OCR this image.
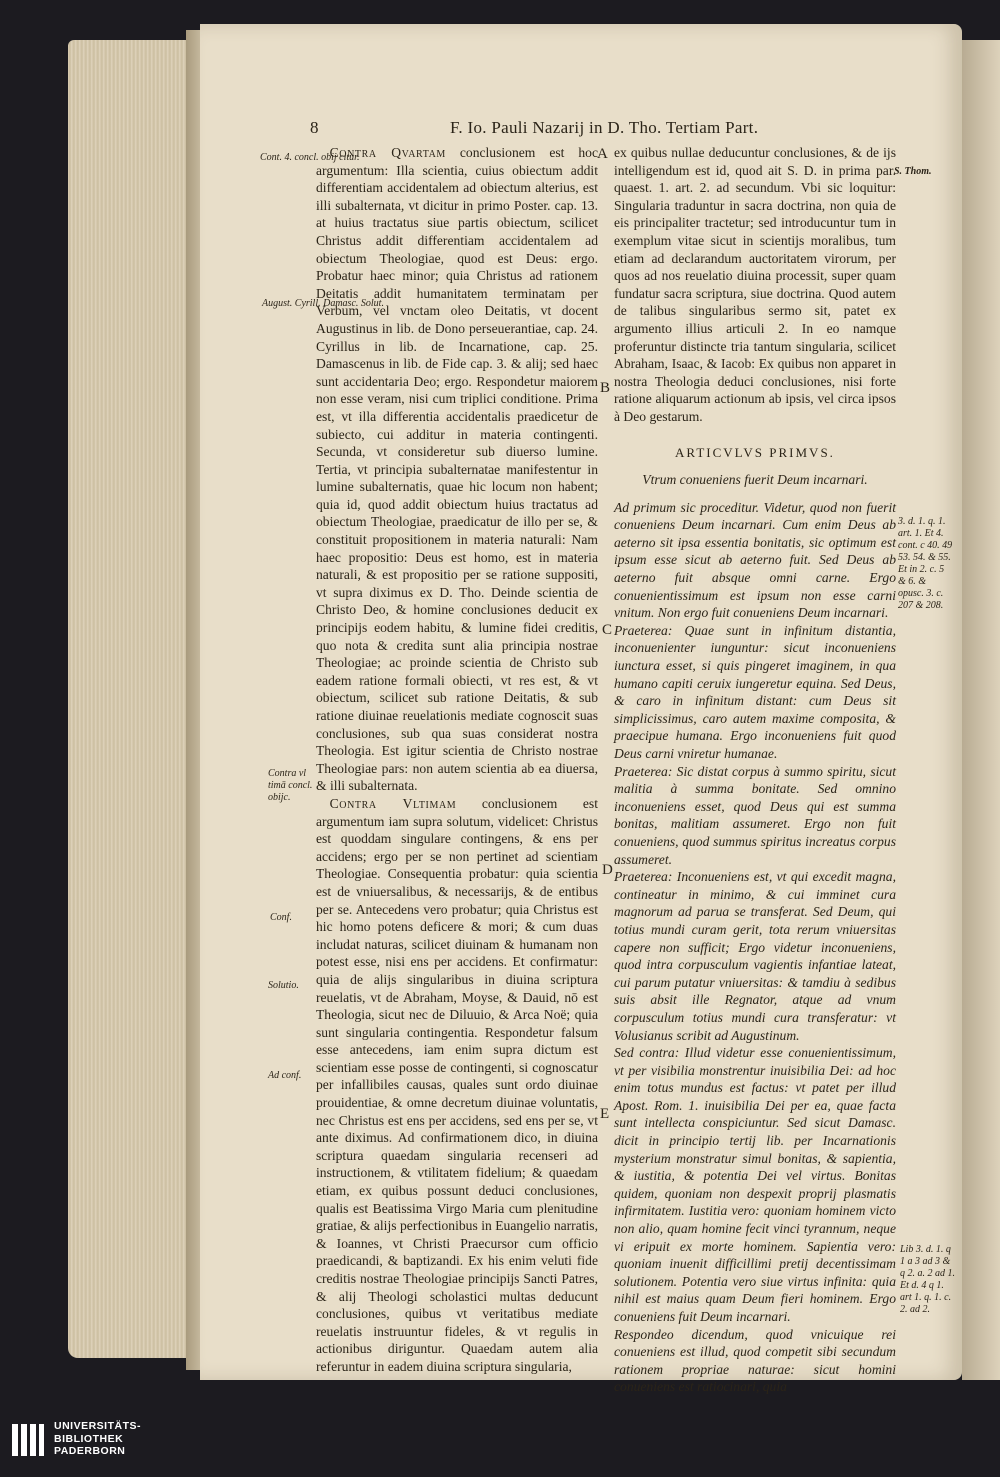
8	F. Io. Pauli Nazarij in D. Tho. Tertiam Part.
Cont. 4. concl. obij citur.
August. Cyrill. Damasc. Solut.
Contra vl timā concl. obijc.
Conf.
Solutio.
Ad conf.
A
B
C
D
E

 Contra Qvartam conclusionem est hoc argumentum: Illa scientia, cuius obiectum addit differentiam accidentalem ad obiectum alterius, est illi subalternata, vt dicitur in primo Poster. cap. 13. at huius tractatus siue partis obiectum, scilicet Christus addit differentiam accidentalem ad obiectum Theologiae, quod est Deus: ergo. Probatur haec minor; quia Christus ad rationem Deitatis addit humanitatem terminatam per Verbum, vel vnctam oleo Deitatis, vt docent Augustinus in lib. de Dono perseuerantiae, cap. 24. Cyrillus in lib. de Incarnatione, cap. 25. Damascenus in lib. de Fide cap. 3. & alij; sed haec sunt accidentaria Deo; ergo. Respondetur maiorem non esse veram, nisi cum triplici conditione. Prima est, vt illa differentia accidentalis praedicetur de subiecto, cui additur in materia contingenti. Secunda, vt consideretur sub diuerso lumine. Tertia, vt principia subalternatae manifestentur in lumine subalternatis, quae hic locum non habent; quia id, quod addit obiectum huius tractatus ad obiectum Theologiae, praedicatur de illo per se, & constituit propositionem in materia naturali: Nam haec propositio: Deus est homo, est in materia naturali, & est propositio per se ratione suppositi, vt supra diximus ex D. Tho. Deinde scientia de Christo Deo, & homine conclusiones deducit ex principijs eodem habitu, & lumine fidei creditis, quo nota & credita sunt alia principia nostrae Theologiae; ac proinde scientia de Christo sub eadem ratione formali obiecti, vt res est, & vt obiectum, scilicet sub ratione Deitatis, & sub ratione diuinae reuelationis mediate cognoscit suas conclusiones, sub qua suas considerat nostra Theologia. Est igitur scientia de Christo nostrae Theologiae pars: non autem scientia ab ea diuersa, & illi subalternata.

 Contra Vltimam conclusionem est argumentum iam supra solutum, videlicet: Christus est quoddam singulare contingens, & ens per accidens; ergo per se non pertinet ad scientiam Theologiae. Consequentia probatur: quia scientia est de vniuersalibus, & necessarijs, & de entibus per se. Antecedens vero probatur; quia Christus est hic homo potens deficere & mori; & cum duas includat naturas, scilicet diuinam & humanam non potest esse, nisi ens per accidens. Et confirmatur: quia de alijs singularibus in diuina scriptura reuelatis, vt de Abraham, Moyse, & Dauid, nō est Theologia, sicut nec de Diluuio, & Arca Noë; quia sunt singularia contingentia. Respondetur falsum esse antecedens, iam enim supra dictum est scientiam esse posse de contingenti, si cognoscatur per infallibiles causas, quales sunt ordo diuinae prouidentiae, & omne decretum diuinae voluntatis, nec Christus est ens per accidens, sed ens per se, vt ante diximus. Ad confirmationem dico, in diuina scriptura quaedam singularia recenseri ad instructionem, & vtilitatem fidelium; & quaedam etiam, ex quibus possunt deduci conclusiones, qualis est Beatissima Virgo Maria cum plenitudine gratiae, & alijs perfectionibus in Euangelio narratis, & Ioannes, vt Christi Praecursor cum officio praedicandi, & baptizandi. Ex his enim veluti fide creditis nostrae Theologiae principijs Sancti Patres, & alij Theologi scholastici multas deducunt conclusiones, quibus vt veritatibus mediate reuelatis instruuntur fideles, & vt regulis in actionibus diriguntur. Quaedam autem alia referuntur in eadem diuina scriptura singularia,

ex quibus nullae deducuntur conclusiones, & de ijs intelligendum est id, quod ait S. D. in prima par. quaest. 1. art. 2. ad secundum. Vbi sic loquitur: Singularia traduntur in sacra doctrina, non quia de eis principaliter tractetur; sed introducuntur tum in exemplum vitae sicut in scientijs moralibus, tum etiam ad declarandum auctoritatem virorum, per quos ad nos reuelatio diuina processit, super quam fundatur sacra scriptura, siue doctrina. Quod autem de talibus singularibus sermo sit, patet ex argumento illius articuli 2. In eo namque proferuntur distincte tria tantum singularia, scilicet Abraham, Isaac, & Iacob: Ex quibus non apparet in nostra Theologia deduci conclusiones, nisi forte ratione aliquarum actionum ab ipsis, vel circa ipsos à Deo gestarum.

ARTICVLVS PRIMVS.
Vtrum conueniens fuerit Deum incarnari.

Ad primum sic proceditur. Videtur, quod non fuerit conueniens Deum incarnari. Cum enim Deus ab aeterno sit ipsa essentia bonitatis, sic optimum est ipsum esse sicut ab aeterno fuit. Sed Deus ab aeterno fuit absque omni carne. Ergo conuenientissimum est ipsum non esse carni vnitum. Non ergo fuit conueniens Deum incarnari.

Praeterea: Quae sunt in infinitum distantia, inconuenienter iunguntur: sicut inconueniens iunctura esset, si quis pingeret imaginem, in qua humano capiti ceruix iungeretur equina. Sed Deus, & caro in infinitum distant: cum Deus sit simplicissimus, caro autem maxime composita, & praecipue humana. Ergo inconueniens fuit quod Deus carni vniretur humanae.

Praeterea: Sic distat corpus à summo spiritu, sicut malitia à summa bonitate. Sed omnino inconueniens esset, quod Deus qui est summa bonitas, malitiam assumeret. Ergo non fuit conueniens, quod summus spiritus increatus corpus assumeret.

Praeterea: Inconueniens est, vt qui excedit magna, contineatur in minimo, & cui imminet cura magnorum ad parua se transferat. Sed Deum, qui totius mundi curam gerit, tota rerum vniuersitas capere non sufficit; Ergo videtur inconueniens, quod intra corpusculum vagientis infantiae lateat, cui parum putatur vniuersitas: & tamdiu à sedibus suis absit ille Regnator, atque ad vnum corpusculum totius mundi cura transferatur: vt Volusianus scribit ad Augustinum.

Sed contra: Illud videtur esse conuenientissimum, vt per visibilia monstrentur inuisibilia Dei: ad hoc enim totus mundus est factus: vt patet per illud Apost. Rom. 1. inuisibilia Dei per ea, quae facta sunt intellecta conspiciuntur. Sed sicut Damasc. dicit in principio tertij lib. per Incarnationis mysterium monstratur simul bonitas, & sapientia, & iustitia, & potentia Dei vel virtus. Bonitas quidem, quoniam non despexit proprij plasmatis infirmitatem. Iustitia vero: quoniam hominem victo non alio, quam homine fecit vinci tyrannum, neque vi eripuit ex morte hominem. Sapientia vero: quoniam inuenit difficillimi pretij decentissimam solutionem. Potentia vero siue virtus infinita: quia nihil est maius quam Deum fieri hominem. Ergo conueniens fuit Deum incarnari.

Respondeo dicendum, quod vnicuique rei conueniens est illud, quod competit sibi secundum rationem propriae naturae: sicut homini conueniens est ratiocinari, quia

S. Thom.
3. d. 1. q. 1. art. 1. Et 4. cont. c 40. 49 53. 54. & 55. Et in 2. c. 5 & 6. & opusc. 3. c. 207 & 208.
Lib 3. d. 1. q 1 a 3 ad 3 & q 2. a. 2 ad 1. Et d. 4 q 1. art 1. q. 1. c. 2. ad 2.
UNIVERSITÄTS-
BIBLIOTHEK
PADERBORN
